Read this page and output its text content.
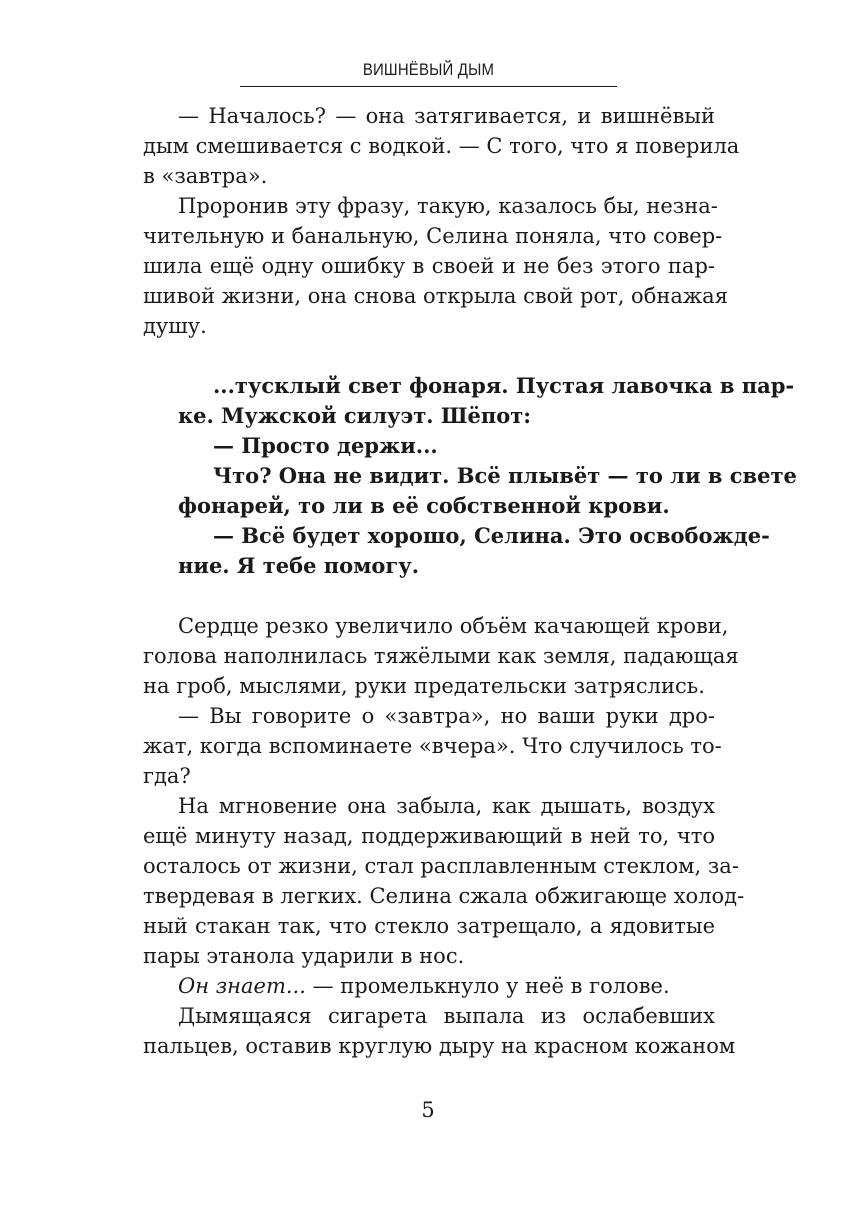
ВИШНЁВЫЙ ДЫМ
— Началось? — она затягивается, и вишнёвый
дым смешивается с водкой. — С того, что я поверила
в «завтра».
Проронив эту фразу, такую, казалось бы, незна-
чительную и банальную, Селина поняла, что совер-
шила ещё одну ошибку в своей и не без этого пар-
шивой жизни, она снова открыла свой рот, обнажая
душу.
...тусклый свет фонаря. Пустая лавочка в пар-
ке. Мужской силуэт. Шёпот:
— Просто держи...
Что? Она не видит. Всё плывёт — то ли в свете
фонарей, то ли в её собственной крови.
— Всё будет хорошо, Селина. Это освобожде-
ние. Я тебе помогу.
Сердце резко увеличило объём качающей крови,
голова наполнилась тяжёлыми как земля, падающая
на гроб, мыслями, руки предательски затряслись.
— Вы говорите о «завтра», но ваши руки дро-
жат, когда вспоминаете «вчера». Что случилось то-
гда?
На мгновение она забыла, как дышать, воздух
ещё минуту назад, поддерживающий в ней то, что
осталось от жизни, стал расплавленным стеклом, за-
твердевая в легких. Селина сжала обжигающе холод-
ный стакан так, что стекло затрещало, а ядовитые
пары этанола ударили в нос.
Он знает... — промелькнуло у неё в голове.
Дымящаяся сигарета выпала из ослабевших
пальцев, оставив круглую дыру на красном кожаном
5
